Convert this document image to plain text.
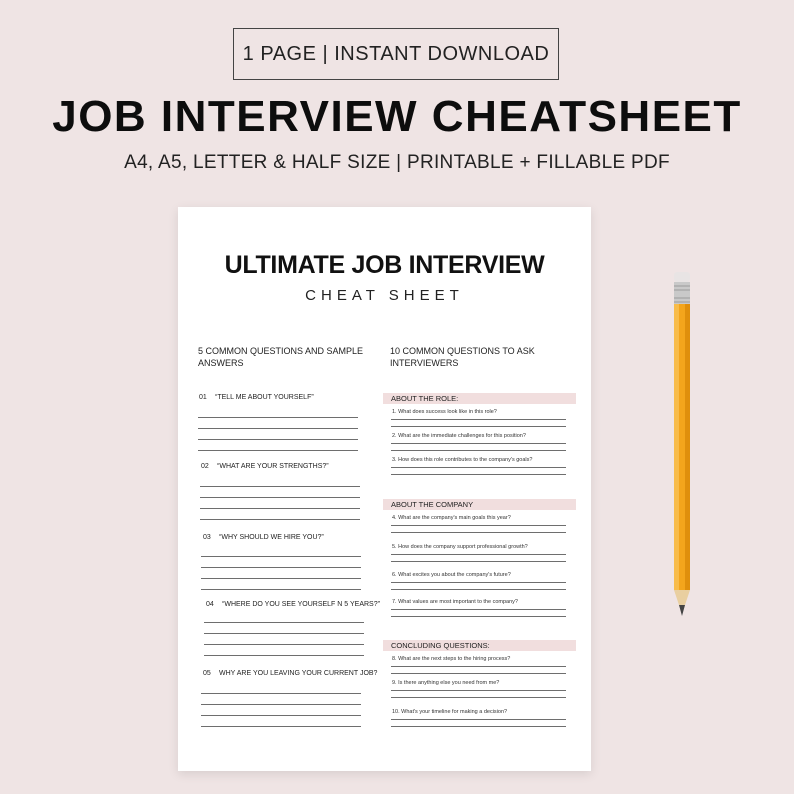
1 PAGE | INSTANT DOWNLOAD
JOB INTERVIEW CHEATSHEET
A4, A5, LETTER & HALF SIZE | PRINTABLE + FILLABLE PDF
ULTIMATE JOB INTERVIEW
CHEAT SHEET
5 COMMON QUESTIONS AND SAMPLE ANSWERS
10 COMMON QUESTIONS TO ASK INTERVIEWERS
01 “TELL ME ABOUT YOURSELF”
02 “WHAT ARE YOUR STRENGTHS?”
03 “WHY SHOULD WE HIRE YOU?”
04 “WHERE DO YOU SEE YOURSELF N 5 YEARS?”
05 WHY ARE YOU LEAVING YOUR CURRENT JOB?
ABOUT THE ROLE:
1. What does success look like in this role?
2. What are the immediate challenges for this position?
3. How does this role contributes to the company's goals?
ABOUT THE COMPANY
4. What are the company's main goals this year?
5. How does the company support professional growth?
6. What excites you about the company's future?
7. What values are most important to the company?
CONCLUDING QUESTIONS:
8. What are the next steps to the hiring process?
9. Is there anything else you need from me?
10. What's your timeline for making a decision?
